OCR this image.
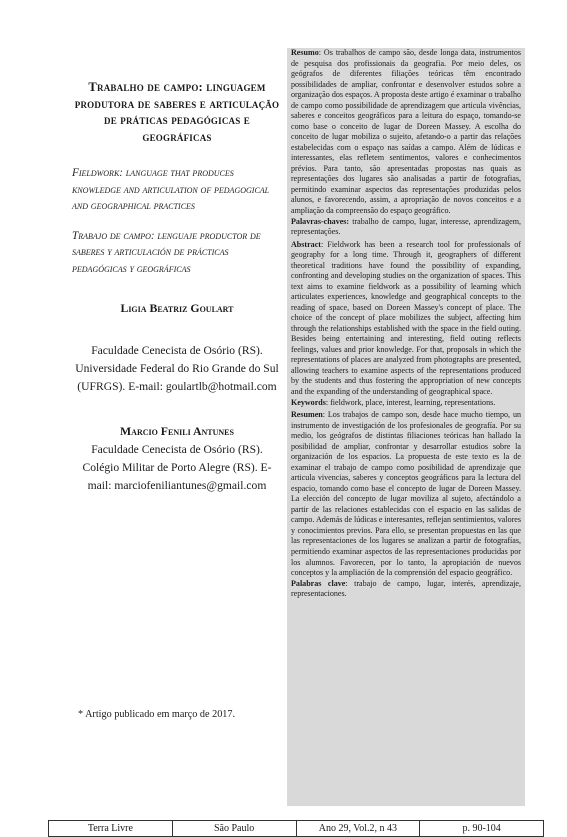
Trabalho de campo: linguagem produtora de saberes e articulação de práticas pedagógicas e geográficas

Fieldwork: language that produces knowledge and articulation of pedagogical and geographical practices

Trabajo de campo: lenguaje productor de saberes y articulación de prácticas pedagógicas y geográficas

Ligia Beatriz Goulart

Faculdade Cenecista de Osório (RS). Universidade Federal do Rio Grande do Sul (UFRGS). E-mail: goulartlb@hotmail.com

Marcio Fenili Antunes

Faculdade Cenecista de Osório (RS). Colégio Militar de Porto Alegre (RS). E-mail: marciofeniliantunes@gmail.com

* Artigo publicado em março de 2017.

Resumo: Os trabalhos de campo são, desde longa data, instrumentos de pesquisa dos profissionais da geografia. Por meio deles, os geógrafos de diferentes filiações teóricas têm encontrado possibilidades de ampliar, confrontar e desenvolver estudos sobre a organização dos espaços. A proposta deste artigo é examinar o trabalho de campo como possibilidade de aprendizagem que articula vivências, saberes e conceitos geográficos para a leitura do espaço, tomando-se como base o conceito de lugar de Doreen Massey. A escolha do conceito de lugar mobiliza o sujeito, afetando-o a partir das relações estabelecidas com o espaço nas saídas a campo. Além de lúdicas e interessantes, elas refletem sentimentos, valores e conhecimentos prévios. Para tanto, são apresentadas propostas nas quais as representações dos lugares são analisadas a partir de fotografias, permitindo examinar aspectos das representações produzidas pelos alunos, e favorecendo, assim, a apropriação de novos conceitos e a ampliação da compreensão do espaço geográfico.

Palavras-chaves: trabalho de campo, lugar, interesse, aprendizagem, representações.

Abstract: Fieldwork has been a research tool for professionals of geography for a long time. Through it, geographers of different theoretical traditions have found the possibility of expanding, confronting and developing studies on the organization of spaces. This text aims to examine fieldwork as a possibility of learning which articulates experiences, knowledge and geographical concepts to the reading of space, based on Doreen Massey's concept of place. The choice of the concept of place mobilizes the subject, affecting him through the relationships established with the space in the field outing. Besides being entertaining and interesting, field outing reflects feelings, values and prior knowledge. For that, proposals in which the representations of places are analyzed from photographs are presented, allowing teachers to examine aspects of the representations produced by the students and thus fostering the appropriation of new concepts and the expanding of the understanding of geographical space.

Keywords: fieldwork, place, interest, learning, representations.

Resumen: Los trabajos de campo son, desde hace mucho tiempo, un instrumento de investigación de los profesionales de geografía. Por su medio, los geógrafos de distintas filiaciones teóricas han hallado la posibilidad de ampliar, confrontar y desarrollar estudios sobre la organización de los espacios. La propuesta de este texto es la de examinar el trabajo de campo como posibilidad de aprendizaje que articula vivencias, saberes y conceptos geográficos para la lectura del espacio, tomando como base el concepto de lugar de Doreen Massey. La elección del concepto de lugar moviliza al sujeto, afectándolo a partir de las relaciones establecidas con el espacio en las salidas de campo. Además de lúdicas e interesantes, reflejan sentimientos, valores y conocimientos previos. Para ello, se presentan propuestas en las que las representaciones de los lugares se analizan a partir de fotografías, permitiendo examinar aspectos de las representaciones producidas por los alumnos. Favorecen, por lo tanto, la apropiación de nuevos conceptos y la ampliación de la comprensión del espacio geográfico.

Palabras clave: trabajo de campo, lugar, interés, aprendizaje, representaciones.

Terra Livre	São Paulo	Ano 29, Vol.2, n 43	p. 90-104
